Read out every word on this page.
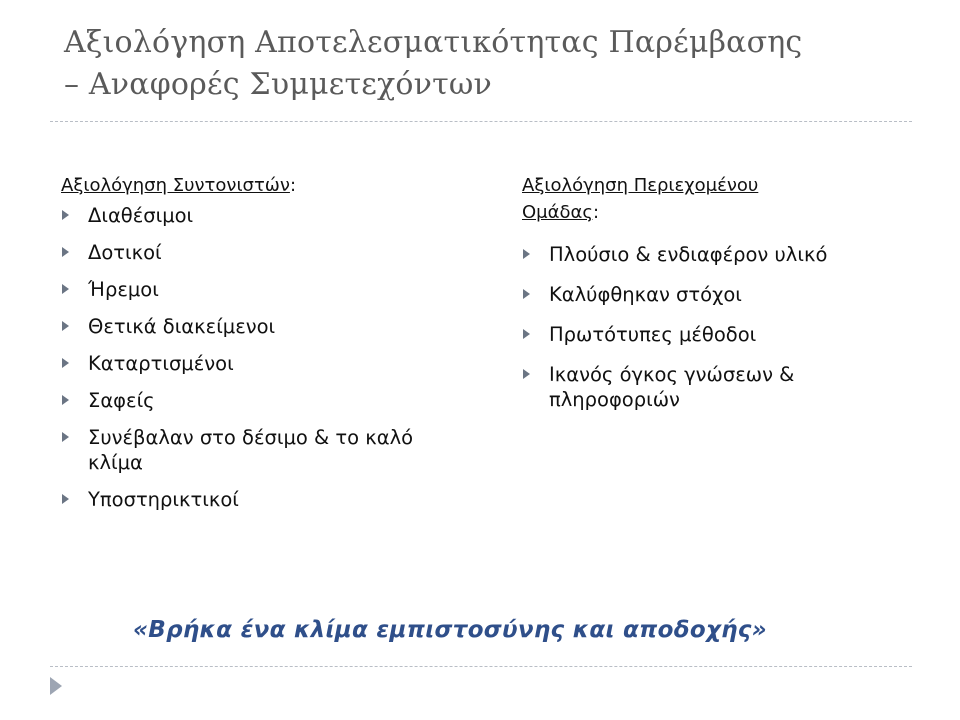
Αξιολόγηση Αποτελεσματικότητας Παρέμβασης
– Αναφορές Συμμετεχόντων
Αξιολόγηση Συντονιστών:
Διαθέσιμοι
Δοτικοί
Ήρεμοι
Θετικά διακείμενοι
Καταρτισμένοι
Σαφείς
Συνέβαλαν στο δέσιμο & το καλό κλίμα
Υποστηρικτικοί
Αξιολόγηση Περιεχομένου Ομάδας:
Πλούσιο & ενδιαφέρον υλικό
Καλύφθηκαν στόχοι
Πρωτότυπες μέθοδοι
Ικανός όγκος γνώσεων & πληροφοριών
«Βρήκα ένα κλίμα εμπιστοσύνης και αποδοχής»
